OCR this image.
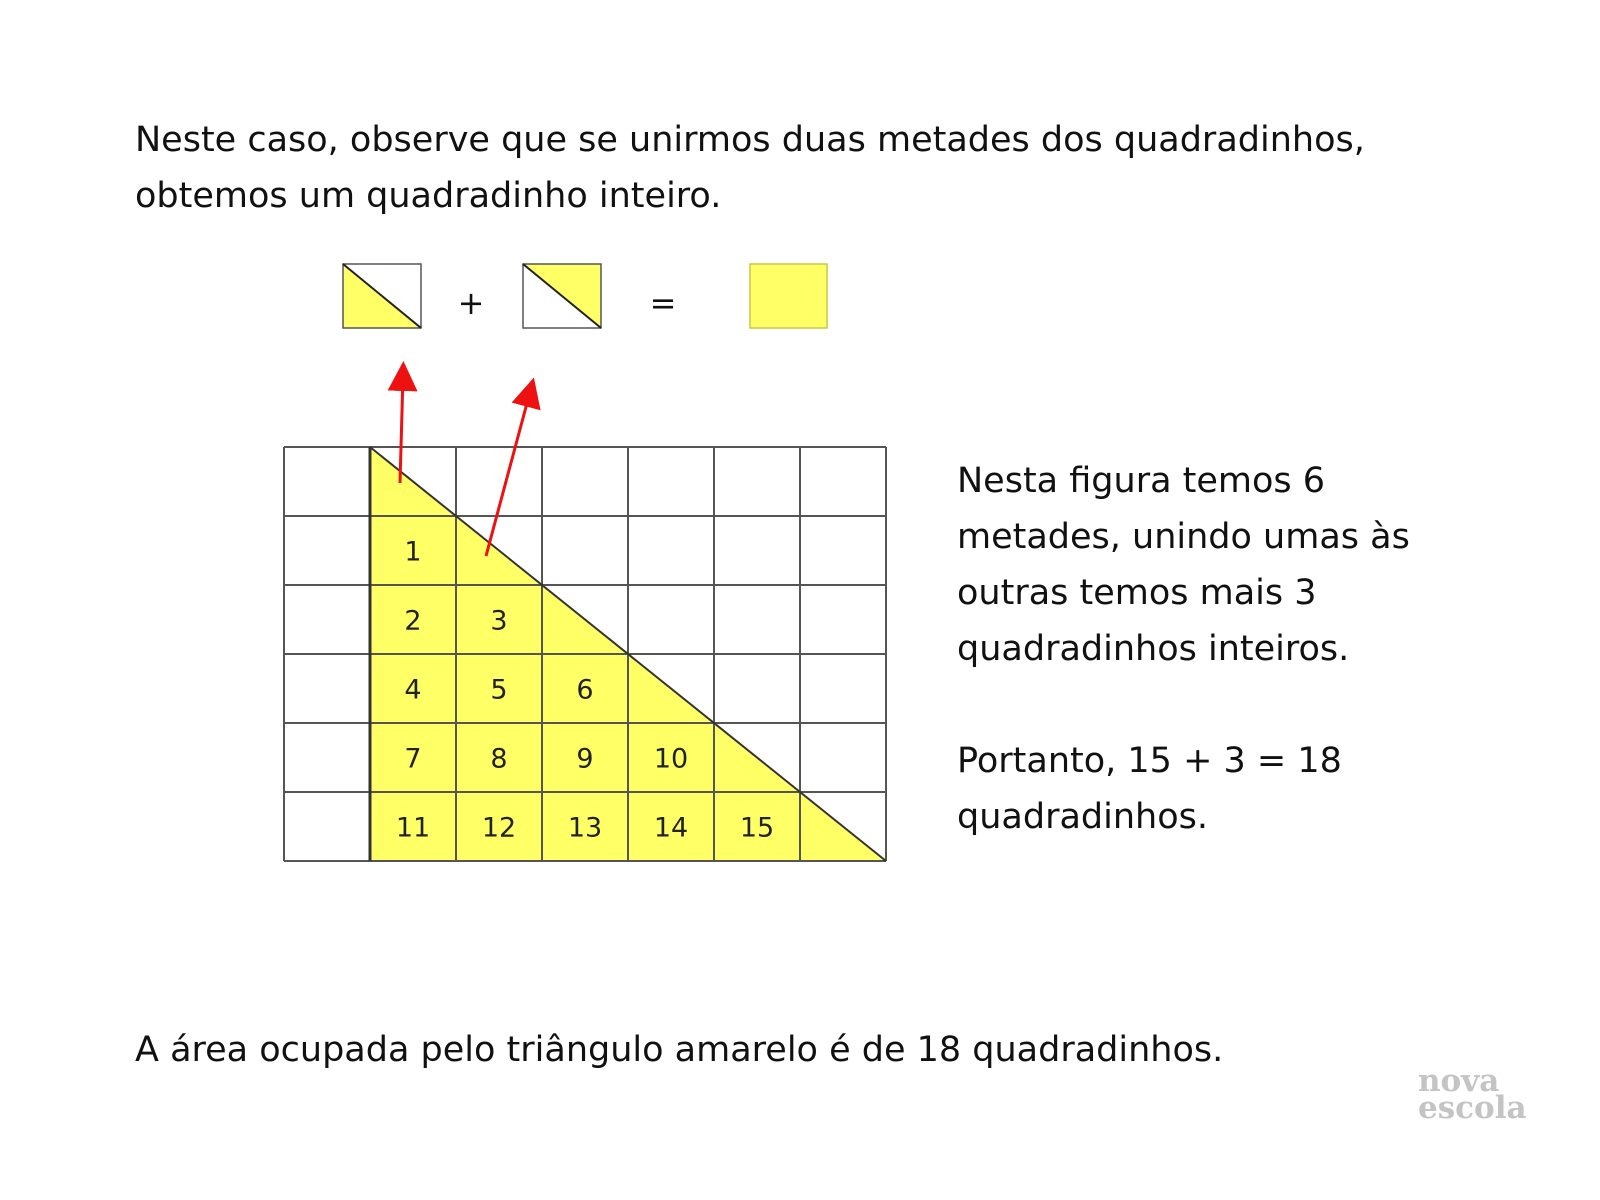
Neste caso, observe que se unirmos duas metades dos quadradinhos,
obtemos um quadradinho inteiro.
+	=
1
2	3
4	5	6
7	8	9 10
11 12 13 14 15
Nesta figura temos 6
metades, unindo umas às
outras temos mais 3
quadradinhos inteiros.
Portanto, 15 + 3 = 18
quadradinhos.
A área ocupada pelo triângulo amarelo é de 18 quadradinhos.
nova
escola
